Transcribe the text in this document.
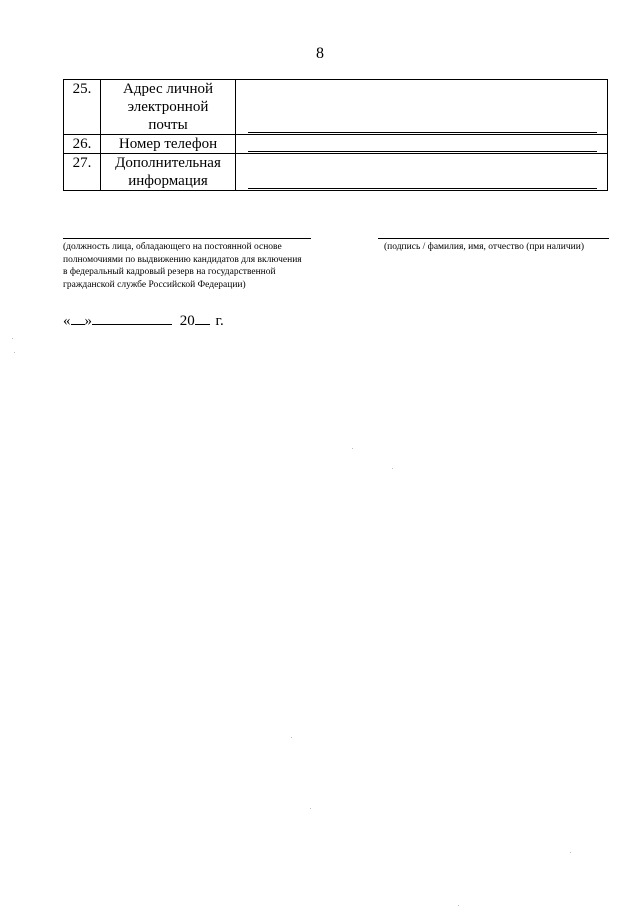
8
25.	Адрес личной
электронной
почты	

26.	Номер телефон	

27.	Дополнительная
информация	

(должность лица, обладающего на постоянной основе
полномочиями по выдвижению кандидатов для включения
в федеральный кадровый резерв на государственной
гражданской службе Российской Федерации)
(подпись / фамилия, имя, отчество (при наличии)
« »	20 г.
